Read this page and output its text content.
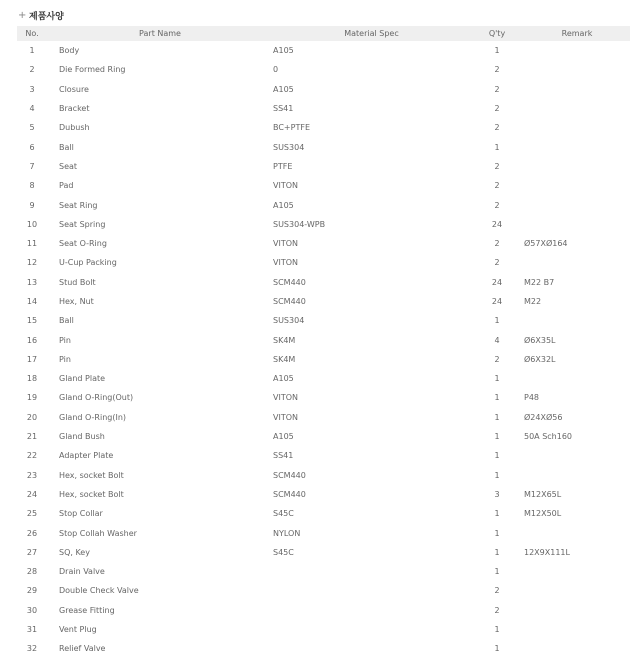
+ 제품사양
No.	Part Name	Material Spec	Q'ty	Remark
1	Body	A105	1	
2	Die Formed Ring	0	2	
3	Closure	A105	2	
4	Bracket	SS41	2	
5	Dubush	BC+PTFE	2	
6	Ball	SUS304	1	
7	Seat	PTFE	2	
8	Pad	VITON	2	
9	Seat Ring	A105	2	
10	Seat Spring	SUS304-WPB	24	
11	Seat O-Ring	VITON	2	Ø57XØ164
12	U-Cup Packing	VITON	2	
13	Stud Bolt	SCM440	24	M22 B7
14	Hex, Nut	SCM440	24	M22
15	Ball	SUS304	1	
16	Pin	SK4M	4	Ø6X35L
17	Pin	SK4M	2	Ø6X32L
18	Gland Plate	A105	1	
19	Gland O-Ring(Out)	VITON	1	P48
20	Gland O-Ring(In)	VITON	1	Ø24XØ56
21	Gland Bush	A105	1	50A Sch160
22	Adapter Plate	SS41	1	
23	Hex, socket Bolt	SCM440	1	
24	Hex, socket Bolt	SCM440	3	M12X65L
25	Stop Collar	S45C	1	M12X50L
26	Stop Collah Washer	NYLON	1	
27	SQ, Key	S45C	1	12X9X111L
28	Drain Valve		1	
29	Double Check Valve		2	
30	Grease Fitting		2	
31	Vent Plug		1	
32	Relief Valve		1	
